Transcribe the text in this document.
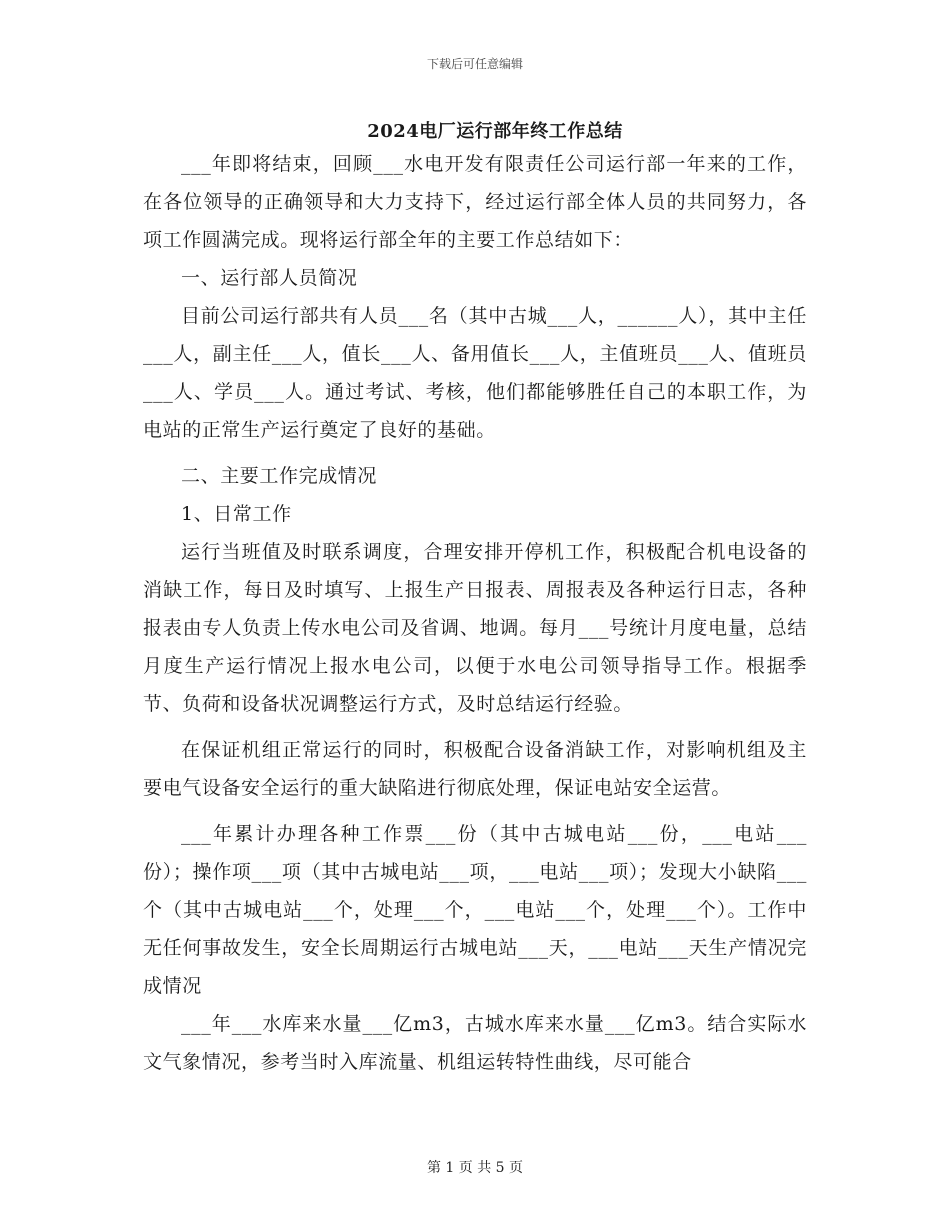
下载后可任意编辑
2024电厂运行部年终工作总结

___年即将结束，回顾___水电开发有限责任公司运行部一年来的工作，在各位领导的正确领导和大力支持下，经过运行部全体人员的共同努力，各项工作圆满完成。现将运行部全年的主要工作总结如下：

一、运行部人员简况

目前公司运行部共有人员___名（其中古城___人，______人），其中主任___人，副主任___人，值长___人、备用值长___人，主值班员___人、值班员___人、学员___人。通过考试、考核，他们都能够胜任自己的本职工作，为电站的正常生产运行奠定了良好的基础。

二、主要工作完成情况

1、日常工作

运行当班值及时联系调度，合理安排开停机工作，积极配合机电设备的消缺工作，每日及时填写、上报生产日报表、周报表及各种运行日志，各种报表由专人负责上传水电公司及省调、地调。每月___号统计月度电量，总结月度生产运行情况上报水电公司，以便于水电公司领导指导工作。根据季节、负荷和设备状况调整运行方式，及时总结运行经验。

在保证机组正常运行的同时，积极配合设备消缺工作，对影响机组及主要电气设备安全运行的重大缺陷进行彻底处理，保证电站安全运营。

___年累计办理各种工作票___份（其中古城电站___份，___电站___份）；操作项___项（其中古城电站___项，___电站___项）；发现大小缺陷___个（其中古城电站___个，处理___个，___电站___个，处理___个）。工作中无任何事故发生，安全长周期运行古城电站___天，___电站___天生产情况完成情况

___年___水库来水量___亿m3，古城水库来水量___亿m3。结合实际水文气象情况，参考当时入库流量、机组运转特性曲线，尽可能合

第 1 页 共 5 页
